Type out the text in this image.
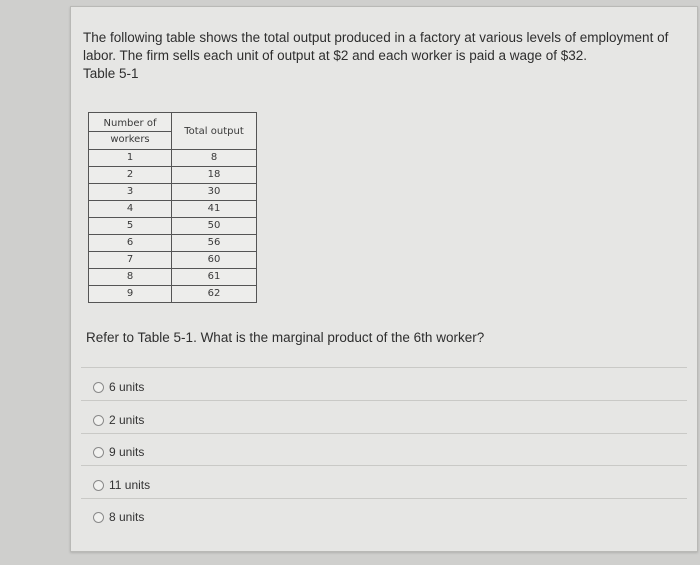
The following table shows the total output produced in a factory at various levels of employment of

labor. The firm sells each unit of output at $2 and each worker is paid a wage of $32.

Table 5-1
Number of
workers	Total output
1	8
2	18
3	30
4	41
5	50
6	56
7	60
8	61
9	62
Refer to Table 5-1. What is the marginal product of the 6th worker?
6 units
2 units
9 units
11 units
8 units
